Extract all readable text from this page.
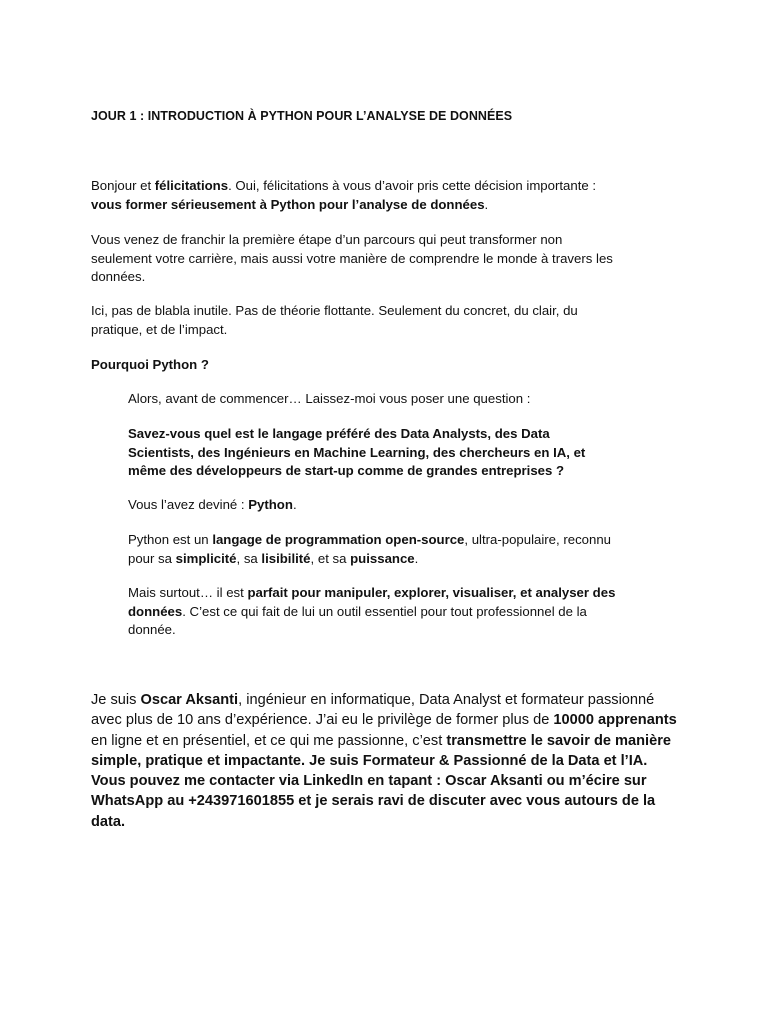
JOUR 1 : INTRODUCTION À PYTHON POUR L’ANALYSE DE DONNÉES

Bonjour et félicitations. Oui, félicitations à vous d’avoir pris cette décision importante :
vous former sérieusement à Python pour l’analyse de données.

Vous venez de franchir la première étape d’un parcours qui peut transformer non
seulement votre carrière, mais aussi votre manière de comprendre le monde à travers les
données.

Ici, pas de blabla inutile. Pas de théorie flottante. Seulement du concret, du clair, du
pratique, et de l’impact.

Pourquoi Python ?

Alors, avant de commencer… Laissez-moi vous poser une question :

Savez-vous quel est le langage préféré des Data Analysts, des Data
Scientists, des Ingénieurs en Machine Learning, des chercheurs en IA, et
même des développeurs de start-up comme de grandes entreprises ?

Vous l’avez deviné : Python.

Python est un langage de programmation open-source, ultra-populaire, reconnu
pour sa simplicité, sa lisibilité, et sa puissance.

Mais surtout… il est parfait pour manipuler, explorer, visualiser, et analyser des
données. C’est ce qui fait de lui un outil essentiel pour tout professionnel de la
donnée.

Je suis Oscar Aksanti, ingénieur en informatique, Data Analyst et formateur passionné avec plus de 10 ans d’expérience. J’ai eu le privilège de former plus de 10000 apprenants en ligne et en présentiel, et ce qui me passionne, c’est transmettre le savoir de manière simple, pratique et impactante. Je suis Formateur & Passionné de la Data et l’IA. Vous pouvez me contacter via LinkedIn en tapant : Oscar Aksanti ou m’écire sur WhatsApp au +243971601855 et je serais ravi de discuter avec vous autours de la data.
